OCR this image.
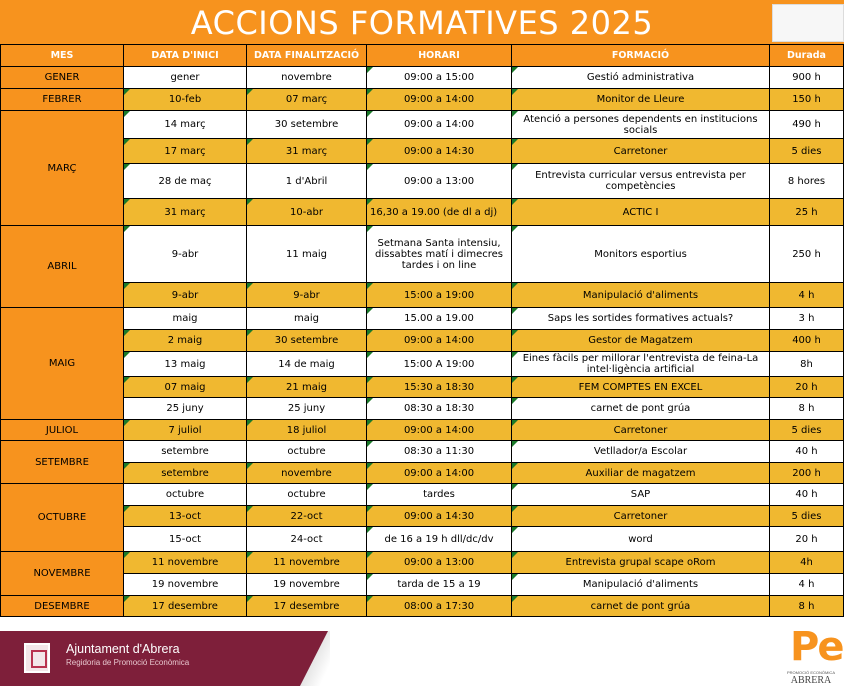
ACCIONS FORMATIVES 2025
MES	DATA D'INICI	DATA FINALITZACIÓ	HORARI	FORMACIÓ	Durada
GENER	gener	novembre	09:00 a 15:00	Gestió administrativa	900 h
FEBRER	10-feb	07 març	09:00 a 14:00	Monitor de Lleure	150 h
MARÇ	14 març	30 setembre	09:00 a 14:00	Atenció a persones dependents en institucions socials	490 h
	17 març	31 març	09:00 a 14:30	Carretoner	5 dies
	28 de maç	1 d'Abril	09:00 a 13:00	Entrevista curricular versus entrevista per competències	8 hores
	31 març	10-abr	16,30 a 19.00 (de dl a dj)	ACTIC I	25 h
ABRIL	9-abr	11 maig	Setmana Santa intensiu, dissabtes matí i dimecres tardes i on line	Monitors esportius	250 h
	9-abr	9-abr	15:00 a 19:00	Manipulació d'aliments	4 h
MAIG	maig	maig	15.00 a 19.00	Saps les sortides formatives actuals?	3 h
	2 maig	30 setembre	09:00 a 14:00	Gestor de Magatzem	400 h
	13 maig	14 de maig	15:00 A 19:00	Eines fàcils per millorar l'entrevista de feina-La intel·ligència artificial	8h
	07 maig	21 maig	15:30 a 18:30	FEM COMPTES EN EXCEL	20 h
	25 juny	25 juny	08:30 a 18:30	carnet de pont grúa	8 h
JULIOL	7 juliol	18 juliol	09:00 a 14:00	Carretoner	5 dies
SETEMBRE	setembre	octubre	08:30 a 11:30	Vetllador/a Escolar	40 h
	setembre	novembre	09:00 a 14:00	Auxiliar de magatzem	200 h
OCTUBRE	octubre	octubre	tardes	SAP	40 h
	13-oct	22-oct	09:00 a 14:30	Carretoner	5 dies
	15-oct	24-oct	de 16 a 19 h dll/dc/dv	word	20 h
NOVEMBRE	11 novembre	11 novembre	09:00 a 13:00	Entrevista grupal scape oRom	4h
	19 novembre	19 novembre	tarda de 15 a 19	Manipulació d'aliments	4 h
DESEMBRE	17 desembre	17 desembre	08:00 a 17:30	carnet de pont grúa	8 h
Ajuntament d'Abrera
Regidoria de Promoció Econòmica	Pe
PROMOCIÓ ECONÒMICA
ABRERA
